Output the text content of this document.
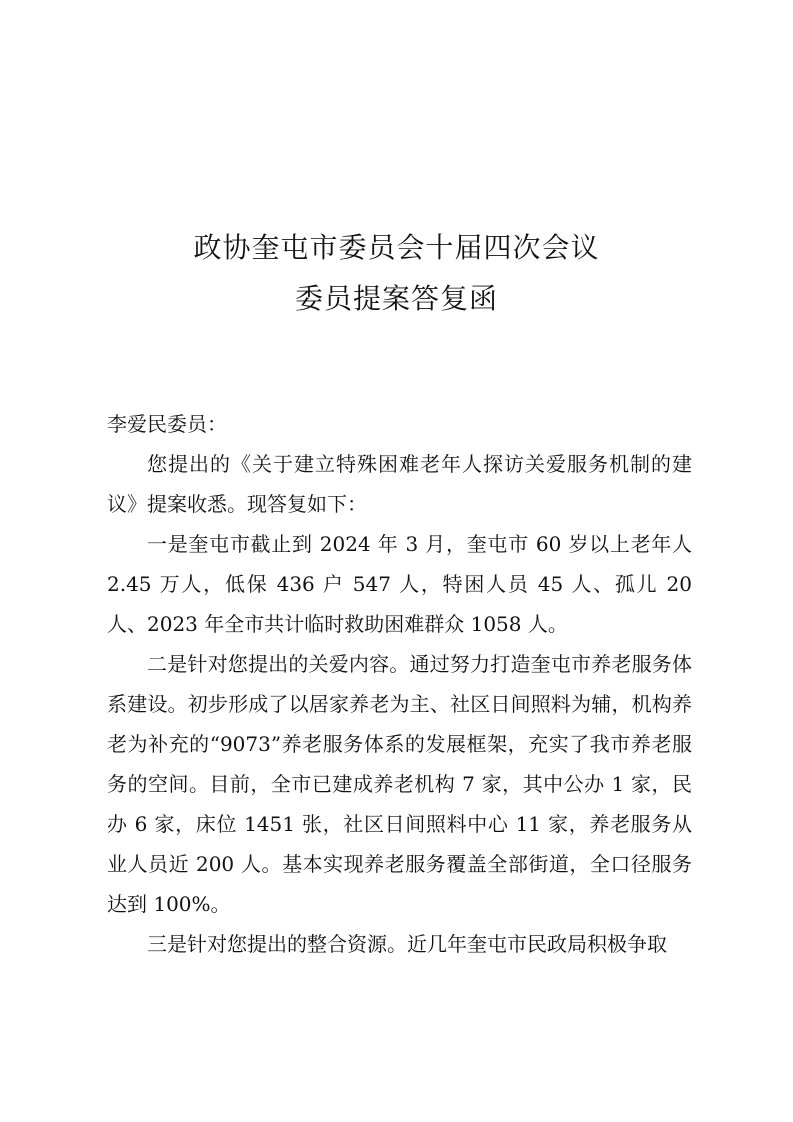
政协奎屯市委员会十届四次会议
委员提案答复函

李爱民委员：

您提出的《关于建立特殊困难老年人探访关爱服务机制的建议》提案收悉。现答复如下：

一是奎屯市截止到 2024 年 3 月，奎屯市 60 岁以上老年人 2.45 万人，低保 436 户 547 人，特困人员 45 人、孤儿 20 人、2023 年全市共计临时救助困难群众 1058 人。

二是针对您提出的关爱内容。通过努力打造奎屯市养老服务体系建设。初步形成了以居家养老为主、社区日间照料为辅，机构养老为补充的“9073”养老服务体系的发展框架，充实了我市养老服务的空间。目前，全市已建成养老机构 7 家，其中公办 1 家，民办 6 家，床位 1451 张，社区日间照料中心 11 家，养老服务从业人员近 200 人。基本实现养老服务覆盖全部街道，全口径服务达到 100%。

三是针对您提出的整合资源。近几年奎屯市民政局积极争取
